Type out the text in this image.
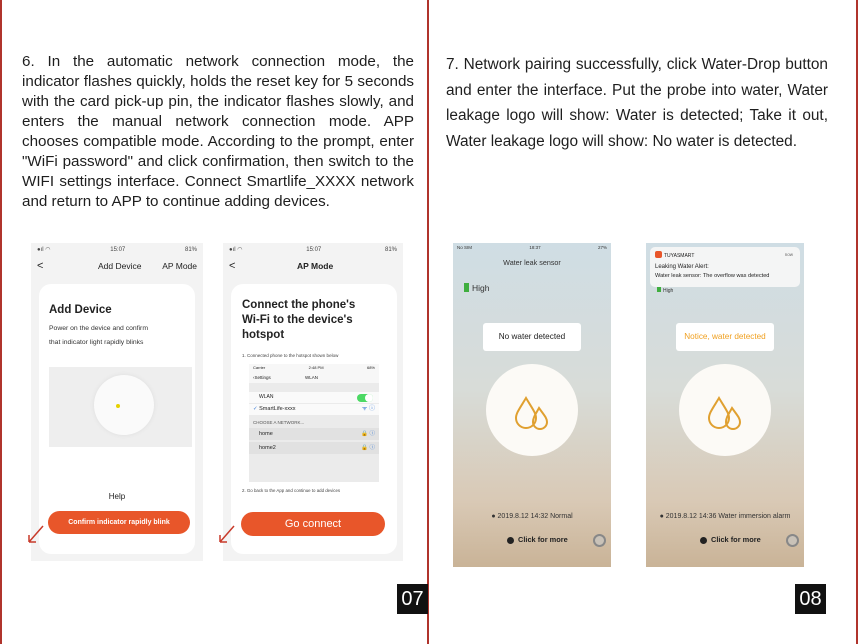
6. In the automatic network connection mode, the indicator flashes quickly, holds the reset key for 5 seconds with the card pick-up pin, the indicator flashes slowly, and enters the manual network connection mode. APP chooses compatible mode. According to the prompt, enter "WiFi password" and click confirmation, then switch to the WIFI settings interface. Connect Smartlife_XXXX network and return to APP to continue adding devices.
●ıl ◠	15:07	81%
<	Add Device AP Mode
Add Device
Power on the device and confirm
that indicator light rapidly blinks
Help
Confirm indicator rapidly blink
●ıl ◠	15:07	81%
<	AP Mode
Connect the phone's
Wi-Fi to the device's
hotspot
1. Connected phone to the hotspot shown below
Carrier	2:48 PM	68%
‹Settings	WLAN
WLAN
✓ SmartLife-xxxx	ᯤ ⓘ
CHOOSE A NETWORK...
home	🔒 ⓘ
home2	🔒 ⓘ
2. Go back to the App and continue to add devices
Go connect
07
7. Network pairing successfully, click Water-Drop button and enter the interface. Put the probe into water, Water leakage logo will show: Water is detected; Take it out, Water leakage logo will show: No water is detected.
No SIM	18:37	27%
Water leak sensor
High
No water detected
● 2019.8.12 14:32 Normal
Click for more
TUYASMART	now
Leaking Water Alert:
Water leak sensor: The overflow was detected
High
Notice, water detected
● 2019.8.12 14:36 Water immersion alarm
Click for more
08
